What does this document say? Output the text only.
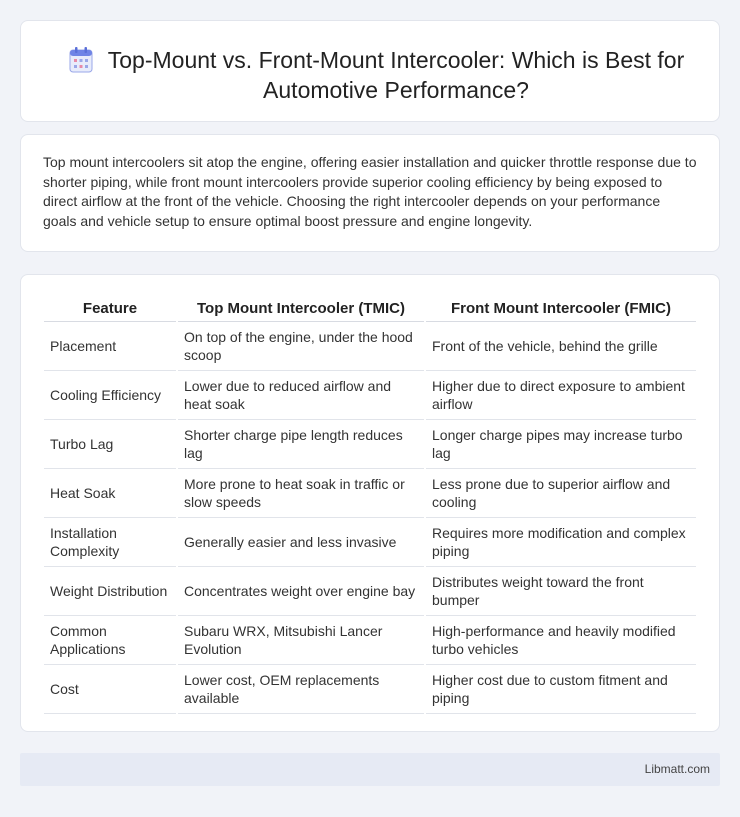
Top-Mount vs. Front-Mount Intercooler: Which is Best for Automotive Performance?

Top mount intercoolers sit atop the engine, offering easier installation and quicker throttle response due to shorter piping, while front mount intercoolers provide superior cooling efficiency by being exposed to direct airflow at the front of the vehicle. Choosing the right intercooler depends on your performance goals and vehicle setup to ensure optimal boost pressure and engine longevity.

Feature	Top Mount Intercooler (TMIC)	Front Mount Intercooler (FMIC)
Placement	On top of the engine, under the hood scoop	Front of the vehicle, behind the grille
Cooling Efficiency	Lower due to reduced airflow and heat soak	Higher due to direct exposure to ambient airflow
Turbo Lag	Shorter charge pipe length reduces lag	Longer charge pipes may increase turbo lag
Heat Soak	More prone to heat soak in traffic or slow speeds	Less prone due to superior airflow and cooling
Installation Complexity	Generally easier and less invasive	Requires more modification and complex piping
Weight Distribution	Concentrates weight over engine bay	Distributes weight toward the front bumper
Common Applications	Subaru WRX, Mitsubishi Lancer Evolution	High-performance and heavily modified turbo vehicles
Cost	Lower cost, OEM replacements available	Higher cost due to custom fitment and piping
Libmatt.com
